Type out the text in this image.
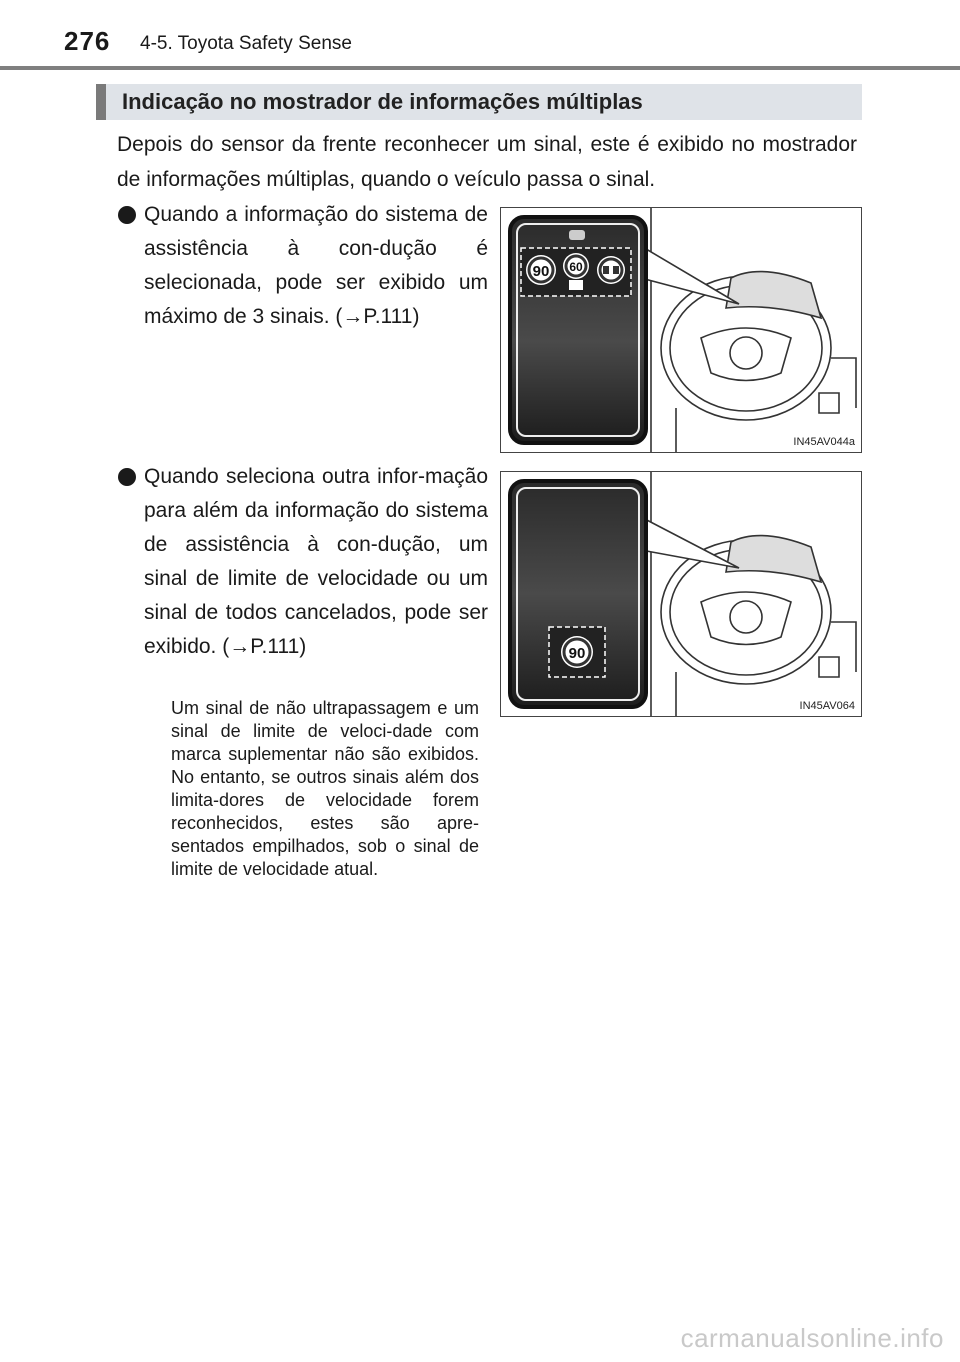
276 4-5. Toyota Safety Sense
Indicação no mostrador de informações múltiplas

Depois do sensor da frente reconhecer um sinal, este é exibido no mostrador de informações múltiplas, quando o veículo passa o sinal.

Quando a informação do sistema de assistência à con-dução é selecionada, pode ser exibido um máximo de 3 sinais. (→P.111)
Quando seleciona outra infor-mação para além da informação do sistema de assistência à con-dução, um sinal de limite de velocidade ou um sinal de todos cancelados, pode ser exibido. (→P.111)

Um sinal de não ultrapassagem e um sinal de limite de veloci-dade com marca suplementar não são exibidos. No entanto, se outros sinais além dos limita-dores de velocidade forem reconhecidos, estes são apre-sentados empilhados, sob o sinal de limite de velocidade atual.

90 60
IN45AV044a
90
IN45AV064
carmanualsonline.info
